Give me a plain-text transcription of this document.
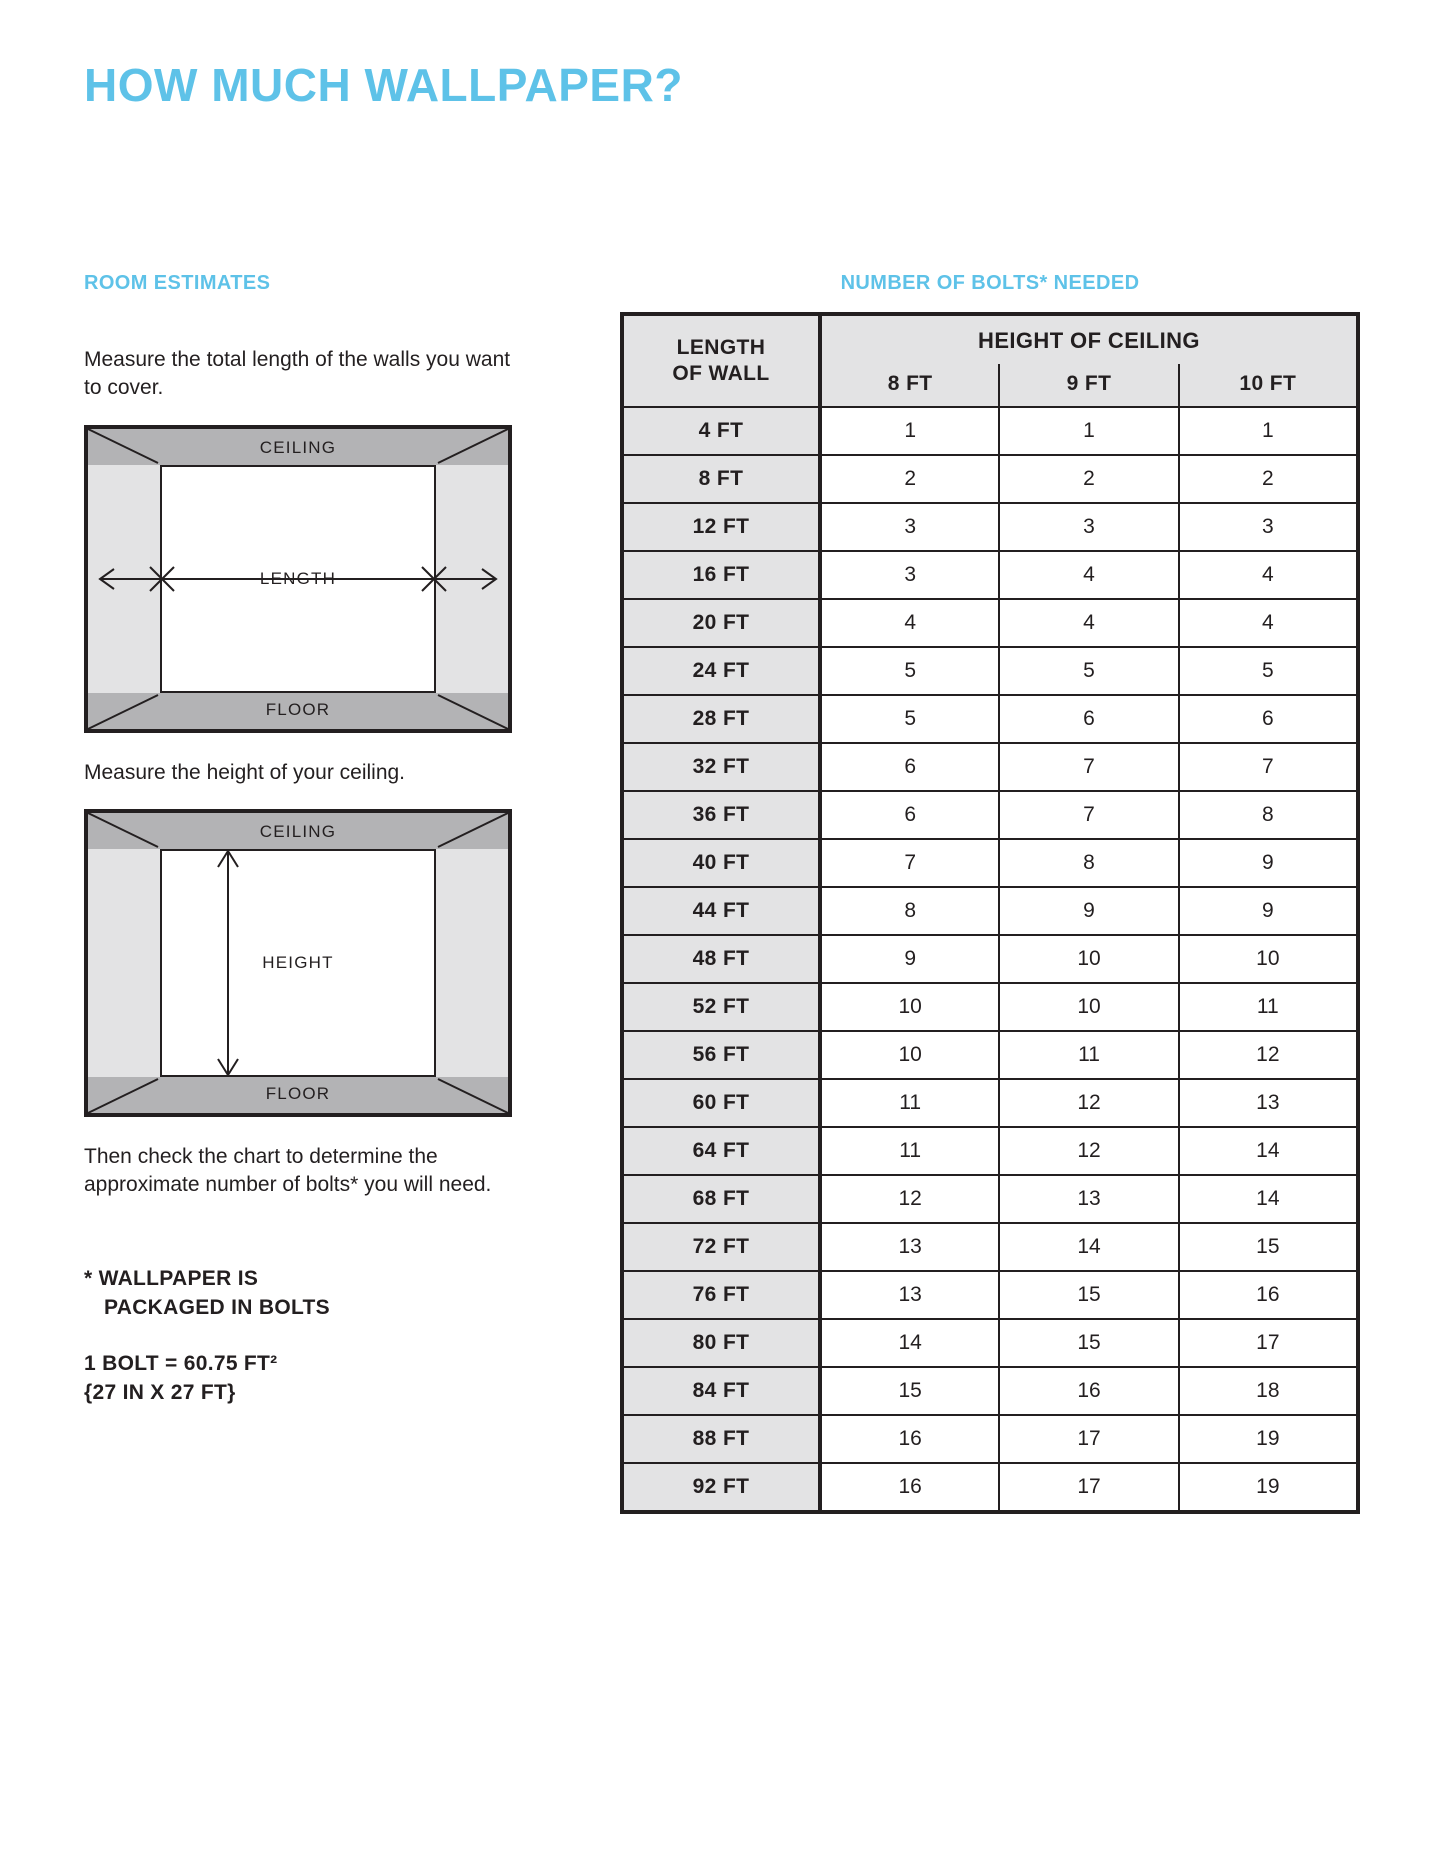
HOW MUCH WALLPAPER?
ROOM ESTIMATES	NUMBER OF BOLTS* NEEDED
Measure the total length of the walls you want to cover.
CEILING
FLOOR
LENGTH
Measure the height of your ceiling.
CEILING
FLOOR
HEIGHT
Then check the chart to determine the approximate number of bolts* you will need.
* WALLPAPER IS
PACKAGED IN BOLTS
1 BOLT = 60.75 FT²
{27 IN X 27 FT}
LENGTH
OF WALL	HEIGHT OF CEILING		
	8 FT	9 FT	10 FT
4 FT	1	1	1
8 FT	2	2	2
12 FT	3	3	3
16 FT	3	4	4
20 FT	4	4	4
24 FT	5	5	5
28 FT	5	6	6
32 FT	6	7	7
36 FT	6	7	8
40 FT	7	8	9
44 FT	8	9	9
48 FT	9	10	10
52 FT	10	10	11
56 FT	10	11	12
60 FT	11	12	13
64 FT	11	12	14
68 FT	12	13	14
72 FT	13	14	15
76 FT	13	15	16
80 FT	14	15	17
84 FT	15	16	18
88 FT	16	17	19
92 FT	16	17	19
